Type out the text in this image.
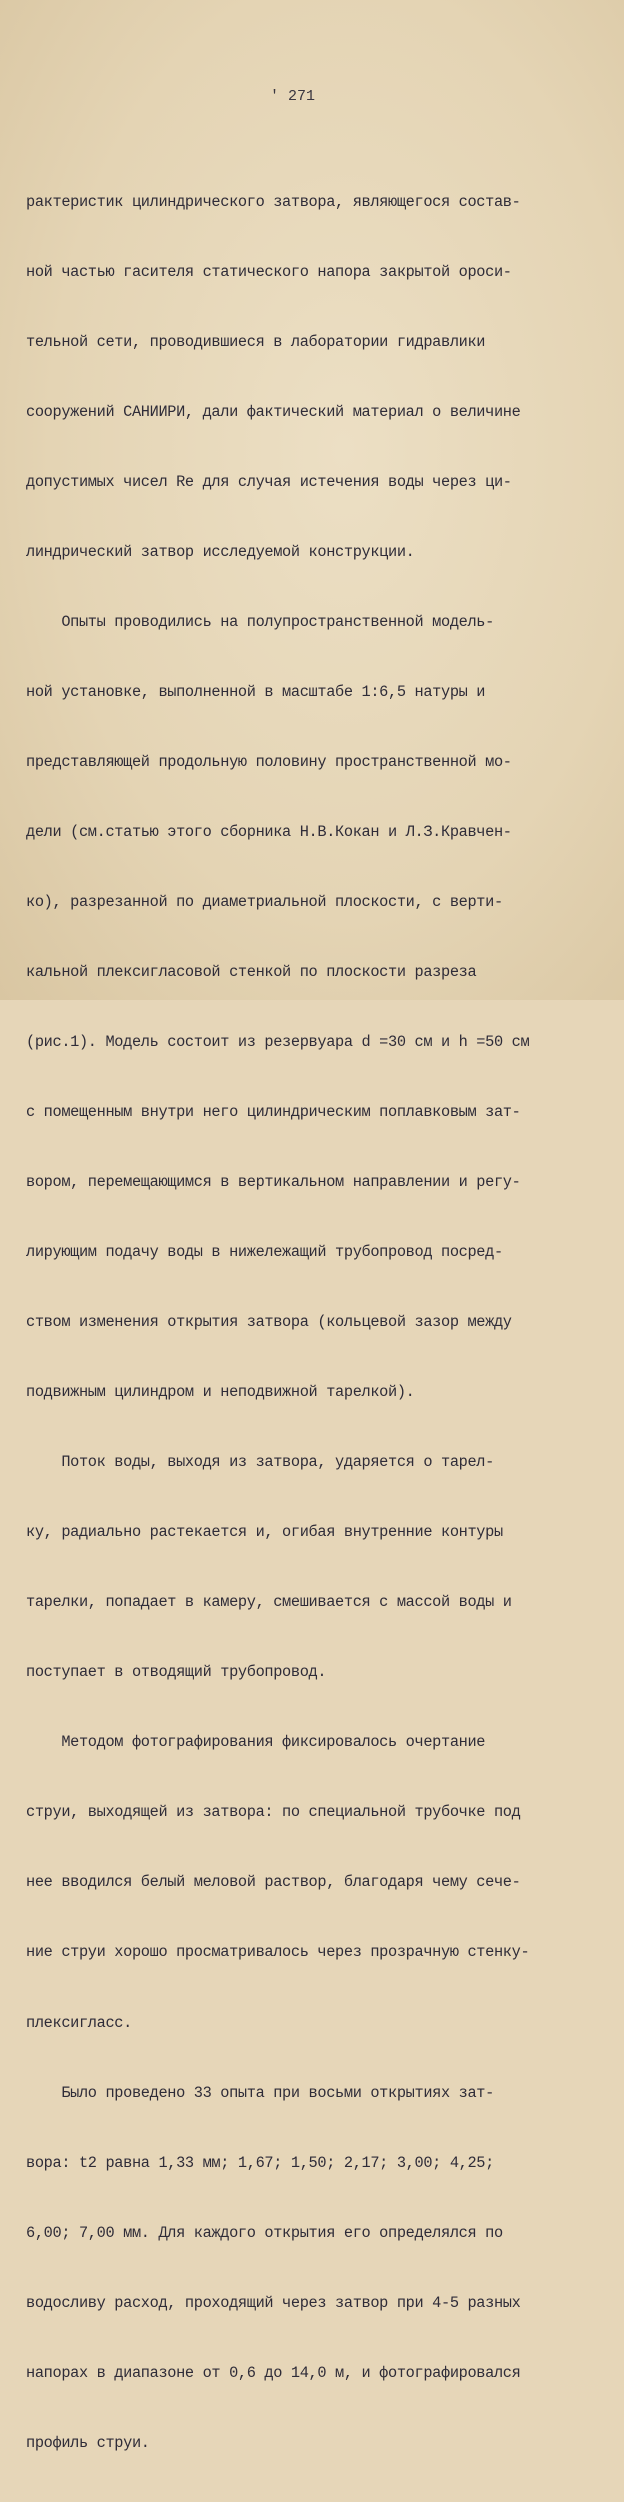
' 271

рактеристик цилиндрического затвора, являющегося состав-

ной частью гасителя статического напора закрытой ороси-

тельной сети, проводившиеся в лаборатории гидравлики

сооружений САНИИРИ, дали фактический материал о величине

допустимых чисел Re для случая истечения воды через ци-

линдрический затвор исследуемой конструкции.

Опыты проводились на полупространственной модель-

ной установке, выполненной в масштабе 1:6,5 натуры и

представляющей продольную половину пространственной мо-

дели (см.статью этого сборника Н.В.Кокан и Л.З.Кравчен-

ко), разрезанной по диаметриальной плоскости, с верти-

кальной плексигласовой стенкой по плоскости разреза

(рис.1). Модель состоит из резервуара d =30 см и h =50 см

с помещенным внутри него цилиндрическим поплавковым зат-

вором, перемещающимся в вертикальном направлении и регу-

лирующим подачу воды в нижележащий трубопровод посред-

ством изменения открытия затвора (кольцевой зазор между

подвижным цилиндром и неподвижной тарелкой).

Поток воды, выходя из затвора, ударяется о тарел-

ку, радиально растекается и, огибая внутренние контуры

тарелки, попадает в камеру, смешивается с массой воды и

поступает в отводящий трубопровод.

Методом фотографирования фиксировалось очертание

струи, выходящей из затвора: по специальной трубочке под

нее вводился белый меловой раствор, благодаря чему сече-

ние струи хорошо просматривалось через прозрачную стенку-

плексигласс.

Было проведено 33 опыта при восьми открытиях зат-

вора: t2 равна 1,33 мм; 1,67; 1,50; 2,17; 3,00; 4,25;

6,00; 7,00 мм. Для каждого открытия его определялся по

водосливу расход, проходящий через затвор при 4-5 разных

напорах в диапазоне от 0,6 до 14,0 м, и фотографировался

профиль струи.
